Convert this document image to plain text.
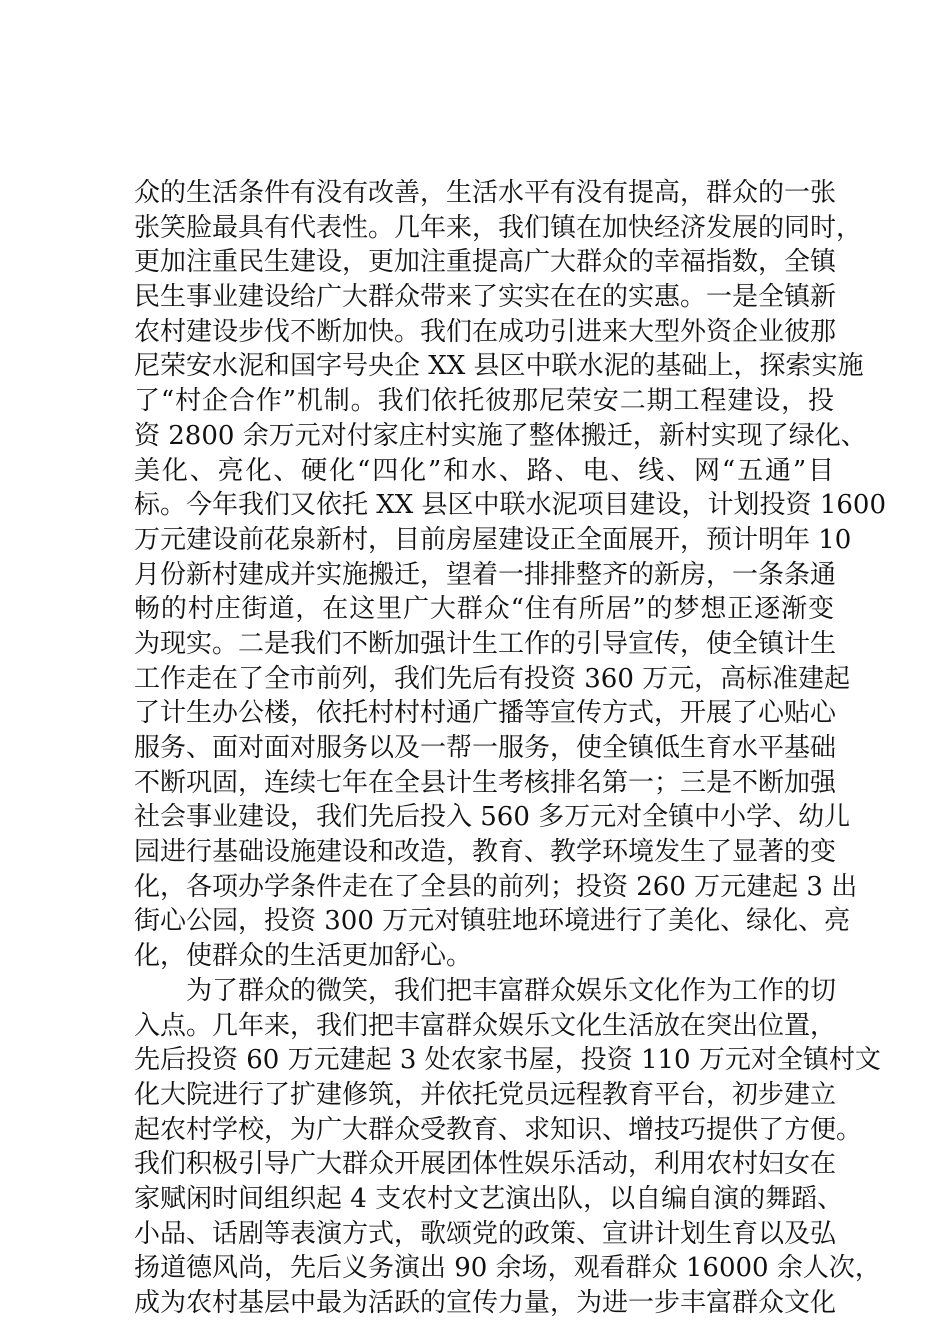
众的生活条件有没有改善，生活水平有没有提高，群众的一张
张笑脸最具有代表性。几年来，我们镇在加快经济发展的同时，
更加注重民生建设，更加注重提高广大群众的幸福指数，全镇
民生事业建设给广大群众带来了实实在在的实惠。一是全镇新
农村建设步伐不断加快。我们在成功引进来大型外资企业彼那
尼荣安水泥和国字号央企 XX 县区中联水泥的基础上，探索实施
了“村企合作”机制。我们依托彼那尼荣安二期工程建设，投
资 2800 余万元对付家庄村实施了整体搬迁，新村实现了绿化、
美化、亮化、硬化“四化”和水、路、电、线、网“五通”目
标。今年我们又依托 XX 县区中联水泥项目建设，计划投资 1600
万元建设前花泉新村，目前房屋建设正全面展开，预计明年 10
月份新村建成并实施搬迁，望着一排排整齐的新房，一条条通
畅的村庄街道，在这里广大群众“住有所居”的梦想正逐渐变
为现实。二是我们不断加强计生工作的引导宣传，使全镇计生
工作走在了全市前列，我们先后有投资 360 万元，高标准建起
了计生办公楼，依托村村村通广播等宣传方式，开展了心贴心
服务、面对面对服务以及一帮一服务，使全镇低生育水平基础
不断巩固，连续七年在全县计生考核排名第一；三是不断加强
社会事业建设，我们先后投入 560 多万元对全镇中小学、幼儿
园进行基础设施建设和改造，教育、教学环境发生了显著的变
化，各项办学条件走在了全县的前列；投资 260 万元建起 3 出
街心公园，投资 300 万元对镇驻地环境进行了美化、绿化、亮
化，使群众的生活更加舒心。
为了群众的微笑，我们把丰富群众娱乐文化作为工作的切
入点。几年来，我们把丰富群众娱乐文化生活放在突出位置，
先后投资 60 万元建起 3 处农家书屋，投资 110 万元对全镇村文
化大院进行了扩建修筑，并依托党员远程教育平台，初步建立
起农村学校，为广大群众受教育、求知识、增技巧提供了方便。
我们积极引导广大群众开展团体性娱乐活动，利用农村妇女在
家赋闲时间组织起 4 支农村文艺演出队，以自编自演的舞蹈、
小品、话剧等表演方式，歌颂党的政策、宣讲计划生育以及弘
扬道德风尚，先后义务演出 90 余场，观看群众 16000 余人次，
成为农村基层中最为活跃的宣传力量，为进一步丰富群众文化
